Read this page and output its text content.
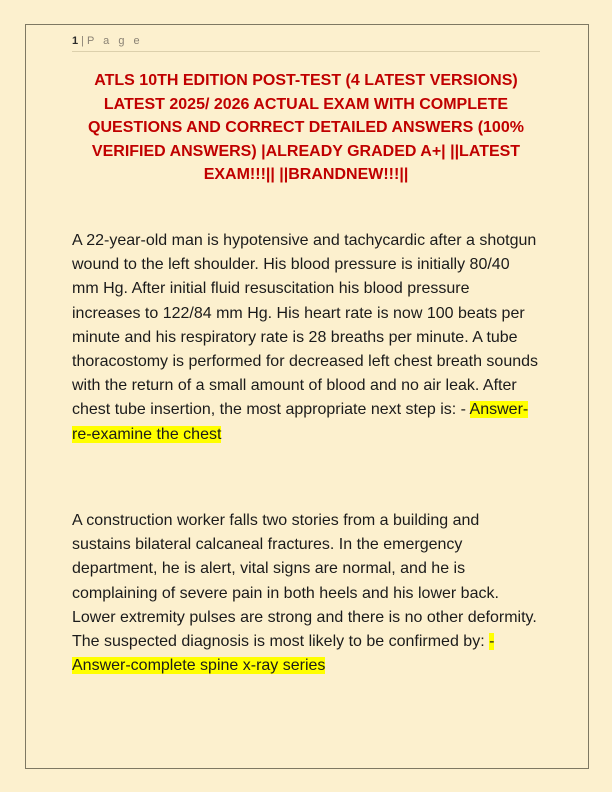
1 | P a g e
ATLS 10TH EDITION POST-TEST (4 LATEST VERSIONS) LATEST 2025/ 2026 ACTUAL EXAM WITH COMPLETE QUESTIONS AND CORRECT DETAILED ANSWERS (100% VERIFIED ANSWERS) |ALREADY GRADED A+| ||LATEST EXAM!!!|| ||BRANDNEW!!!||

A 22-year-old man is hypotensive and tachycardic after a shotgun wound to the left shoulder. His blood pressure is initially 80/40 mm Hg. After initial fluid resuscitation his blood pressure increases to 122/84 mm Hg. His heart rate is now 100 beats per minute and his respiratory rate is 28 breaths per minute. A tube thoracostomy is performed for decreased left chest breath sounds with the return of a small amount of blood and no air leak. After chest tube insertion, the most appropriate next step is: - Answer-re-examine the chest

A construction worker falls two stories from a building and sustains bilateral calcaneal fractures. In the emergency department, he is alert, vital signs are normal, and he is complaining of severe pain in both heels and his lower back. Lower extremity pulses are strong and there is no other deformity. The suspected diagnosis is most likely to be confirmed by: - Answer-complete spine x-ray series
